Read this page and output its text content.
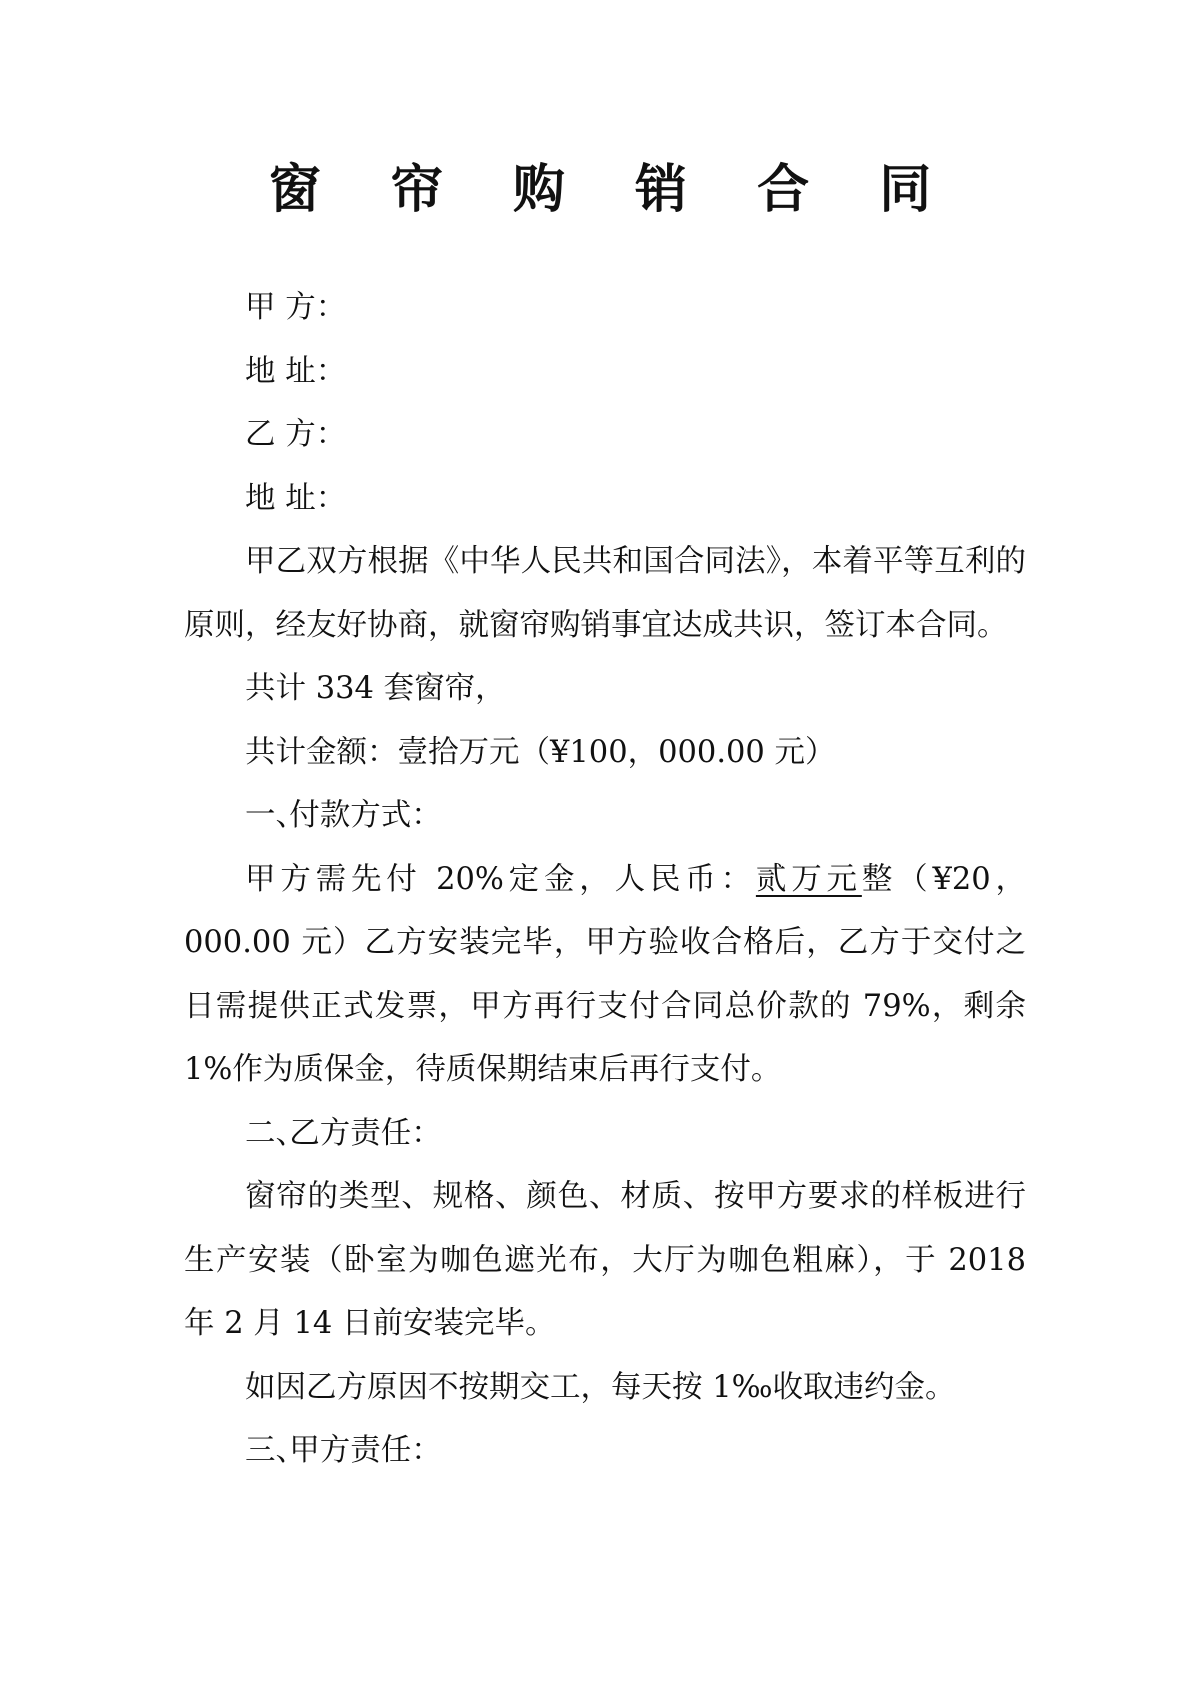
窗 帘 购 销 合 同
甲 方：
地 址：
乙 方：
地 址：

甲乙双方根据《中华人民共和国合同法》，本着平等互利的原则，经友好协商，就窗帘购销事宜达成共识，签订本合同。

共计 334 套窗帘，
共计金额：壹拾万元（¥100，000.00 元）
一、付款方式：

甲方需先付 20%定金，人民币：贰万元整（¥20，000.00 元）乙方安装完毕，甲方验收合格后，乙方于交付之日需提供正式发票，甲方再行支付合同总价款的 79%，剩余 1%作为质保金，待质保期结束后再行支付。

二、乙方责任：

窗帘的类型、规格、颜色、材质、按甲方要求的样板进行生产安装（卧室为咖色遮光布，大厅为咖色粗麻），于 2018 年 2 月 14 日前安装完毕。

如因乙方原因不按期交工，每天按 1‰收取违约金。

三、甲方责任：
